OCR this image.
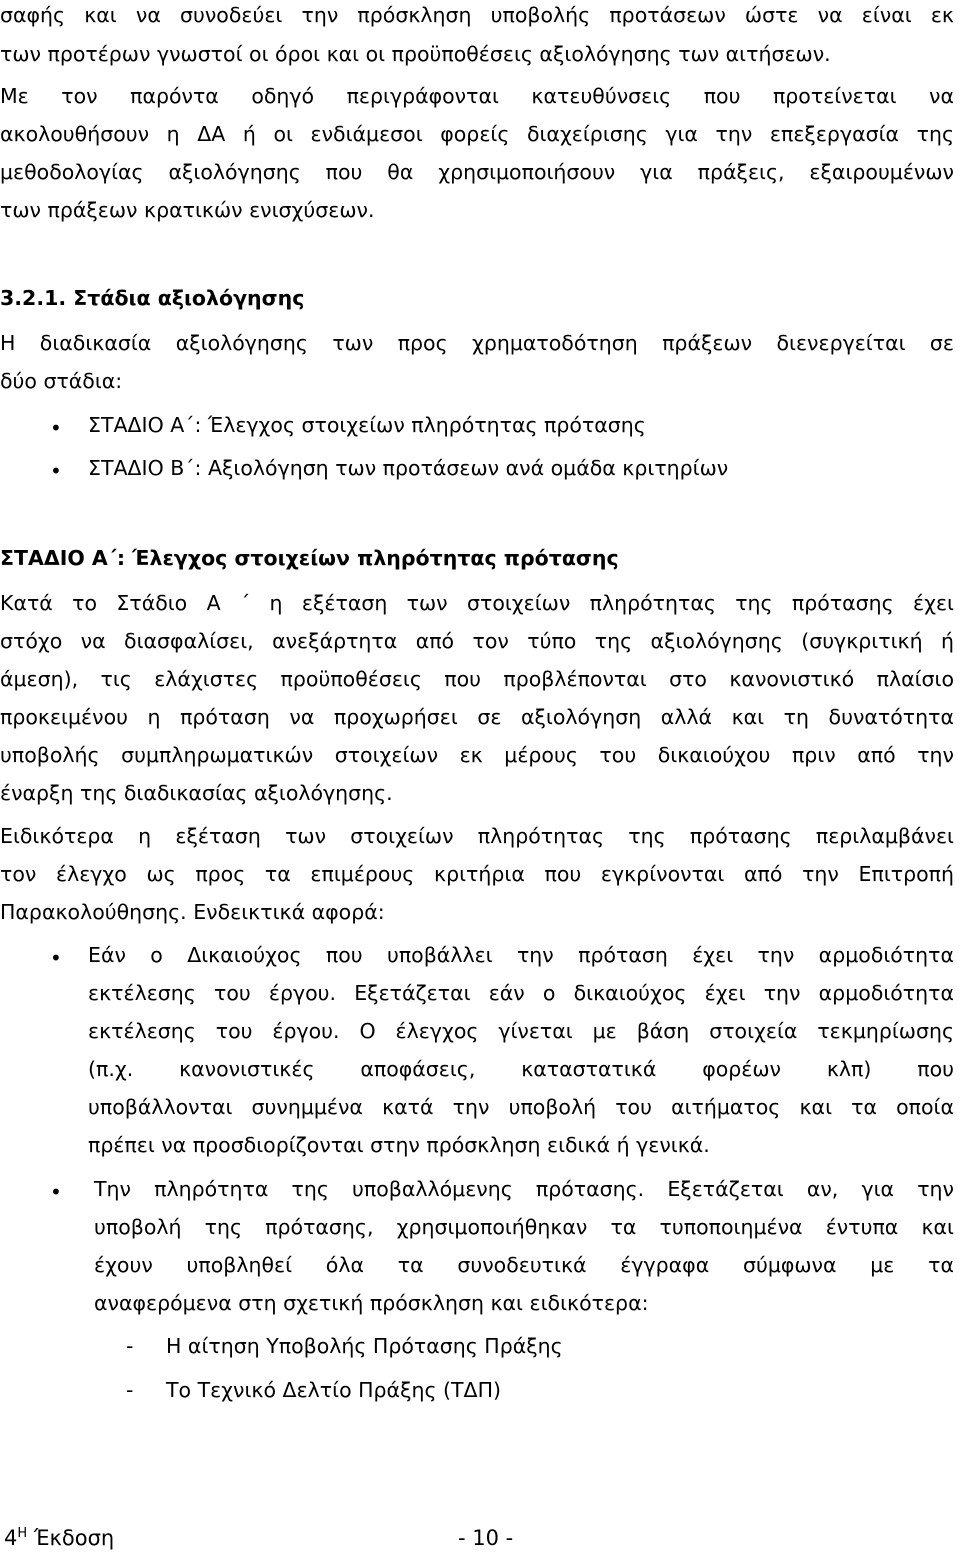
σαφής και να συνοδεύει την πρόσκληση υποβολής προτάσεων ώστε να είναι εκ
των προτέρων γνωστοί οι όροι και οι προϋποθέσεις αξιολόγησης των αιτήσεων.
Με τον παρόντα οδηγό περιγράφονται κατευθύνσεις που προτείνεται να
ακολουθήσουν η ΔΑ ή οι ενδιάμεσοι φορείς διαχείρισης για την επεξεργασία της
μεθοδολογίας αξιολόγησης που θα χρησιμοποιήσουν για πράξεις, εξαιρουμένων
των πράξεων κρατικών ενισχύσεων.
3.2.1. Στάδια αξιολόγησης
Η διαδικασία αξιολόγησης των προς χρηματοδότηση πράξεων διενεργείται σε
δύο στάδια:
• ΣΤΑΔΙΟ Α΄: Έλεγχος στοιχείων πληρότητας πρότασης
• ΣΤΑΔΙΟ Β΄: Αξιολόγηση των προτάσεων ανά ομάδα κριτηρίων
ΣΤΑΔΙΟ Α΄: Έλεγχος στοιχείων πληρότητας πρότασης
Κατά το Στάδιο Α ΄ η εξέταση των στοιχείων πληρότητας της πρότασης έχει
στόχο να διασφαλίσει, ανεξάρτητα από τον τύπο της αξιολόγησης (συγκριτική ή
άμεση), τις ελάχιστες προϋποθέσεις που προβλέπονται στο κανονιστικό πλαίσιο
προκειμένου η πρόταση να προχωρήσει σε αξιολόγηση αλλά και τη δυνατότητα
υποβολής συμπληρωματικών στοιχείων εκ μέρους του δικαιούχου πριν από την
έναρξη της διαδικασίας αξιολόγησης.
Ειδικότερα η εξέταση των στοιχείων πληρότητας της πρότασης περιλαμβάνει
τον έλεγχο ως προς τα επιμέρους κριτήρια που εγκρίνονται από την Επιτροπή
Παρακολούθησης. Ενδεικτικά αφορά:
• Εάν ο Δικαιούχος που υποβάλλει την πρόταση έχει την αρμοδιότητα
εκτέλεσης του έργου. Εξετάζεται εάν ο δικαιούχος έχει την αρμοδιότητα
εκτέλεσης του έργου. Ο έλεγχος γίνεται με βάση στοιχεία τεκμηρίωσης
(π.χ. κανονιστικές αποφάσεις, καταστατικά φορέων κλπ) που
υποβάλλονται συνημμένα κατά την υποβολή του αιτήματος και τα οποία
πρέπει να προσδιορίζονται στην πρόσκληση ειδικά ή γενικά.
• Την πληρότητα της υποβαλλόμενης πρότασης. Εξετάζεται αν, για την
υποβολή της πρότασης, χρησιμοποιήθηκαν τα τυποποιημένα έντυπα και
έχουν υποβληθεί όλα τα συνοδευτικά έγγραφα σύμφωνα με τα
αναφερόμενα στη σχετική πρόσκληση και ειδικότερα:
- Η αίτηση Υποβολής Πρότασης Πράξης
- Το Τεχνικό Δελτίο Πράξης (ΤΔΠ)
$4^H$ Έκδοση	- 10 -
